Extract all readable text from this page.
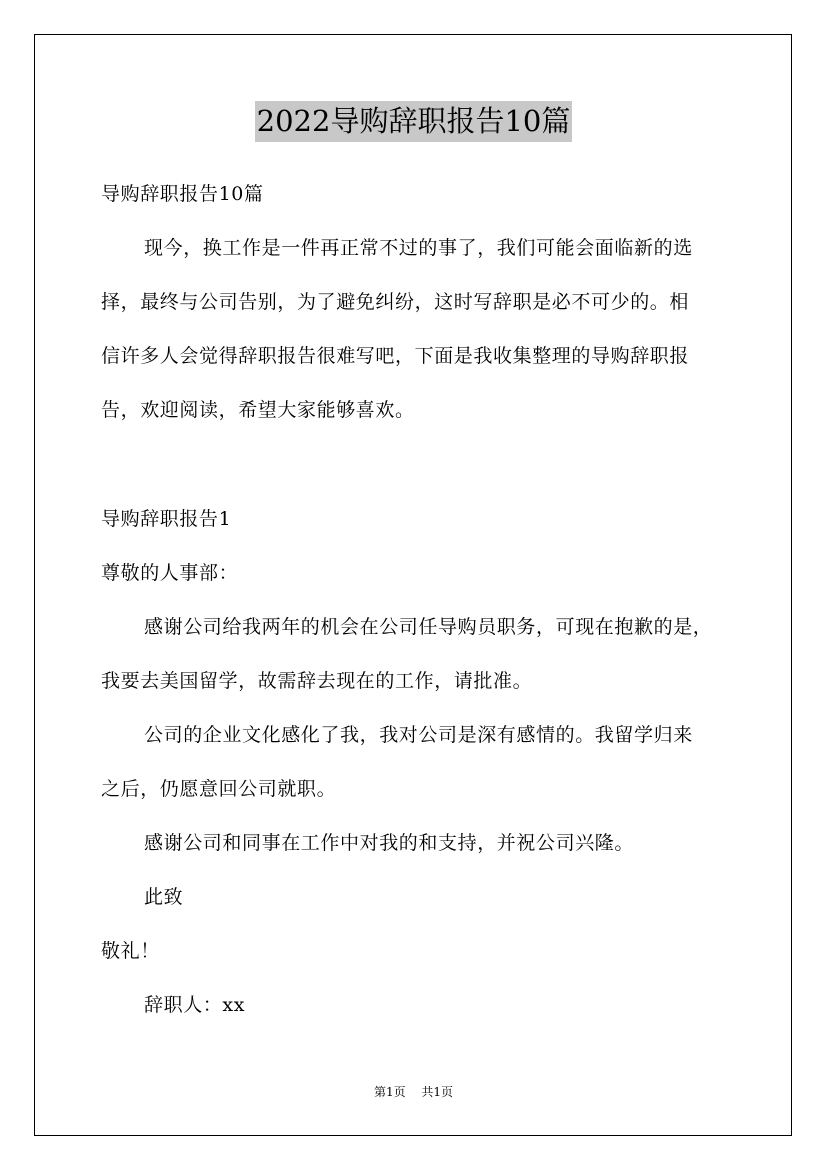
2022导购辞职报告10篇
导购辞职报告10篇
现今，换工作是一件再正常不过的事了，我们可能会面临新的选
择，最终与公司告别，为了避免纠纷，这时写辞职是必不可少的。相
信许多人会觉得辞职报告很难写吧，下面是我收集整理的导购辞职报
告，欢迎阅读，希望大家能够喜欢。
导购辞职报告1
尊敬的人事部：
感谢公司给我两年的机会在公司任导购员职务，可现在抱歉的是，
我要去美国留学，故需辞去现在的工作，请批准。
公司的企业文化感化了我，我对公司是深有感情的。我留学归来
之后，仍愿意回公司就职。
感谢公司和同事在工作中对我的和支持，并祝公司兴隆。
此致
敬礼！
辞职人：xx
第1页 共1页
